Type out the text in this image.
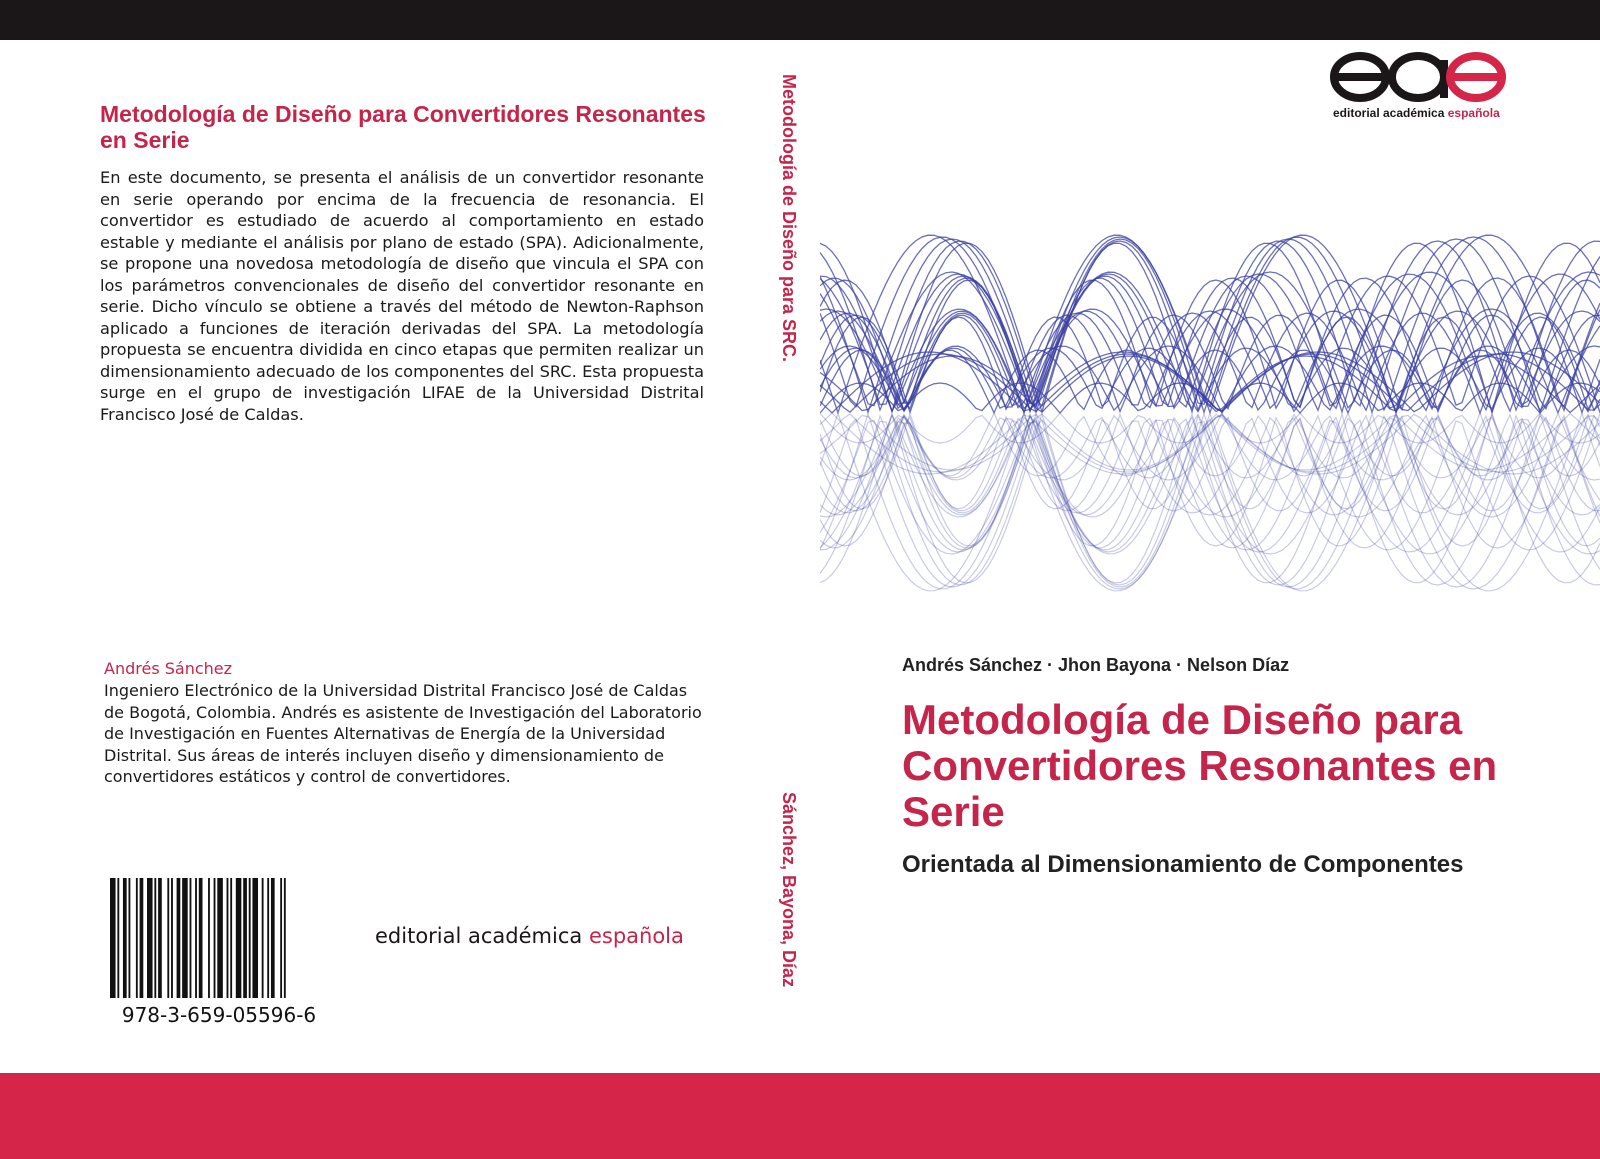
Metodología de Diseño para Convertidores Resonantes en Serie

En este documento, se presenta el análisis de un convertidor resonante en serie operando por encima de la frecuencia de resonancia. El convertidor es estudiado de acuerdo al comportamiento en estado estable y mediante el análisis por plano de estado (SPA). Adicionalmente, se propone una novedosa metodología de diseño que vincula el SPA con los parámetros convencionales de diseño del convertidor resonante en serie. Dicho vínculo se obtiene a través del método de Newton-Raphson aplicado a funciones de iteración derivadas del SPA. La metodología propuesta se encuentra dividida en cinco etapas que permiten realizar un dimensionamiento adecuado de los componentes del SRC. Esta propuesta surge en el grupo de investigación LIFAE de la Universidad Distrital Francisco José de Caldas.

Andrés Sánchez

Ingeniero Electrónico de la Universidad Distrital Francisco José de Caldas de Bogotá, Colombia. Andrés es asistente de Investigación del Laboratorio de Investigación en Fuentes Alternativas de Energía de la Universidad Distrital. Sus áreas de interés incluyen diseño y dimensionamiento de convertidores estáticos y control de convertidores.

978-3-659-05596-6

editorial académica española

Metodología de Diseño para SRC.

Sánchez, Bayona, Díaz

editorial académica española

Andrés Sánchez · Jhon Bayona · Nelson Díaz

Metodología de Diseño para Convertidores Resonantes en Serie
Orientada al Dimensionamiento de Componentes
